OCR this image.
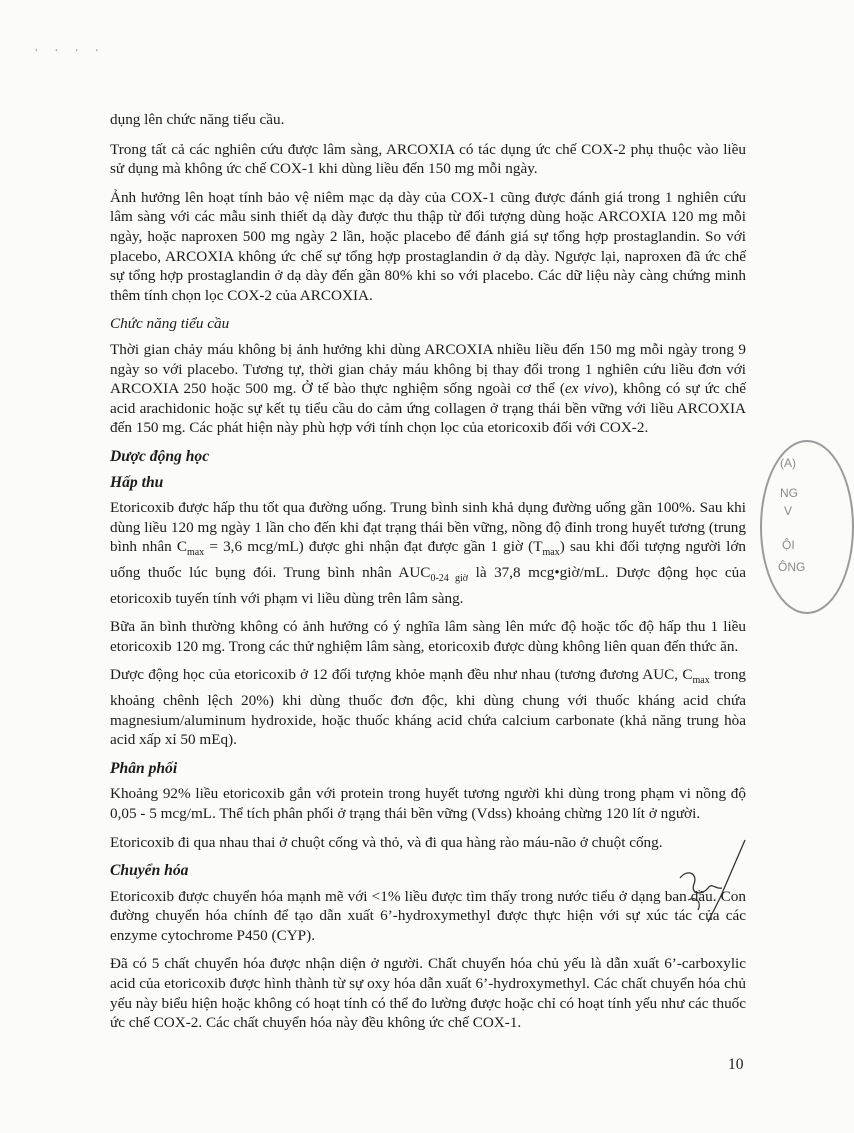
· · · ·

dụng lên chức năng tiểu cầu.

Trong tất cả các nghiên cứu được lâm sàng, ARCOXIA có tác dụng ức chế COX-2 phụ thuộc vào liều sử dụng mà không ức chế COX-1 khi dùng liều đến 150 mg mỗi ngày.

Ảnh hưởng lên hoạt tính bảo vệ niêm mạc dạ dày của COX-1 cũng được đánh giá trong 1 nghiên cứu lâm sàng với các mẫu sinh thiết dạ dày được thu thập từ đối tượng dùng hoặc ARCOXIA 120 mg mỗi ngày, hoặc naproxen 500 mg ngày 2 lần, hoặc placebo để đánh giá sự tổng hợp prostaglandin. So với placebo, ARCOXIA không ức chế sự tổng hợp prostaglandin ở dạ dày. Ngược lại, naproxen đã ức chế sự tổng hợp prostaglandin ở dạ dày đến gần 80% khi so với placebo. Các dữ liệu này càng chứng minh thêm tính chọn lọc COX-2 của ARCOXIA.

Chức năng tiểu cầu

Thời gian chảy máu không bị ảnh hưởng khi dùng ARCOXIA nhiều liều đến 150 mg mỗi ngày trong 9 ngày so với placebo. Tương tự, thời gian chảy máu không bị thay đổi trong 1 nghiên cứu liều đơn với ARCOXIA 250 hoặc 500 mg. Ở tế bào thực nghiệm sống ngoài cơ thể (ex vivo), không có sự ức chế acid arachidonic hoặc sự kết tụ tiểu cầu do cảm ứng collagen ở trạng thái bền vững với liều ARCOXIA đến 150 mg. Các phát hiện này phù hợp với tính chọn lọc của etoricoxib đối với COX-2.

Dược động học
Hấp thu

Etoricoxib được hấp thu tốt qua đường uống. Trung bình sinh khả dụng đường uống gần 100%. Sau khi dùng liều 120 mg ngày 1 lần cho đến khi đạt trạng thái bền vững, nồng độ đỉnh trong huyết tương (trung bình nhân $C_{max} = 3,6$ mcg/mL) được ghi nhận đạt được gần 1 giờ $(T_{max})$ sau khi đối tượng người lớn uống thuốc lúc bụng đói. Trung bình nhân $AUC_{0-24 giờ}$ là 37,8 mcg•giờ/mL. Dược động học của etoricoxib tuyến tính với phạm vi liều dùng trên lâm sàng.

Bữa ăn bình thường không có ảnh hưởng có ý nghĩa lâm sàng lên mức độ hoặc tốc độ hấp thu 1 liều etoricoxib 120 mg. Trong các thử nghiệm lâm sàng, etoricoxib được dùng không liên quan đến thức ăn.

Dược động học của etoricoxib ở 12 đối tượng khỏe mạnh đều như nhau (tương đương AUC, $C_{max}$ trong khoảng chênh lệch 20%) khi dùng thuốc đơn độc, khi dùng chung với thuốc kháng acid chứa magnesium/aluminum hydroxide, hoặc thuốc kháng acid chứa calcium carbonate (khả năng trung hòa acid xấp xỉ 50 mEq).

Phân phối

Khoảng 92% liều etoricoxib gắn với protein trong huyết tương người khi dùng trong phạm vi nồng độ 0,05 - 5 mcg/mL. Thể tích phân phối ở trạng thái bền vững (Vdss) khoảng chừng 120 lít ở người.

Etoricoxib đi qua nhau thai ở chuột cống và thỏ, và đi qua hàng rào máu-não ở chuột cống.

Chuyển hóa

Etoricoxib được chuyển hóa mạnh mẽ với <1% liều được tìm thấy trong nước tiểu ở dạng ban đầu. Con đường chuyển hóa chính để tạo dẫn xuất 6’-hydroxymethyl được thực hiện với sự xúc tác của các enzyme cytochrome P450 (CYP).

Đã có 5 chất chuyển hóa được nhận diện ở người. Chất chuyển hóa chủ yếu là dẫn xuất 6’-carboxylic acid của etoricoxib được hình thành từ sự oxy hóa dẫn xuất 6’-hydroxymethyl. Các chất chuyển hóa chủ yếu này biểu hiện hoặc không có hoạt tính có thể đo lường được hoặc chỉ có hoạt tính yếu như các thuốc ức chế COX-2. Các chất chuyển hóa này đều không ức chế COX-1.

10
(A)
NG
V
ỘI
ÔNG
